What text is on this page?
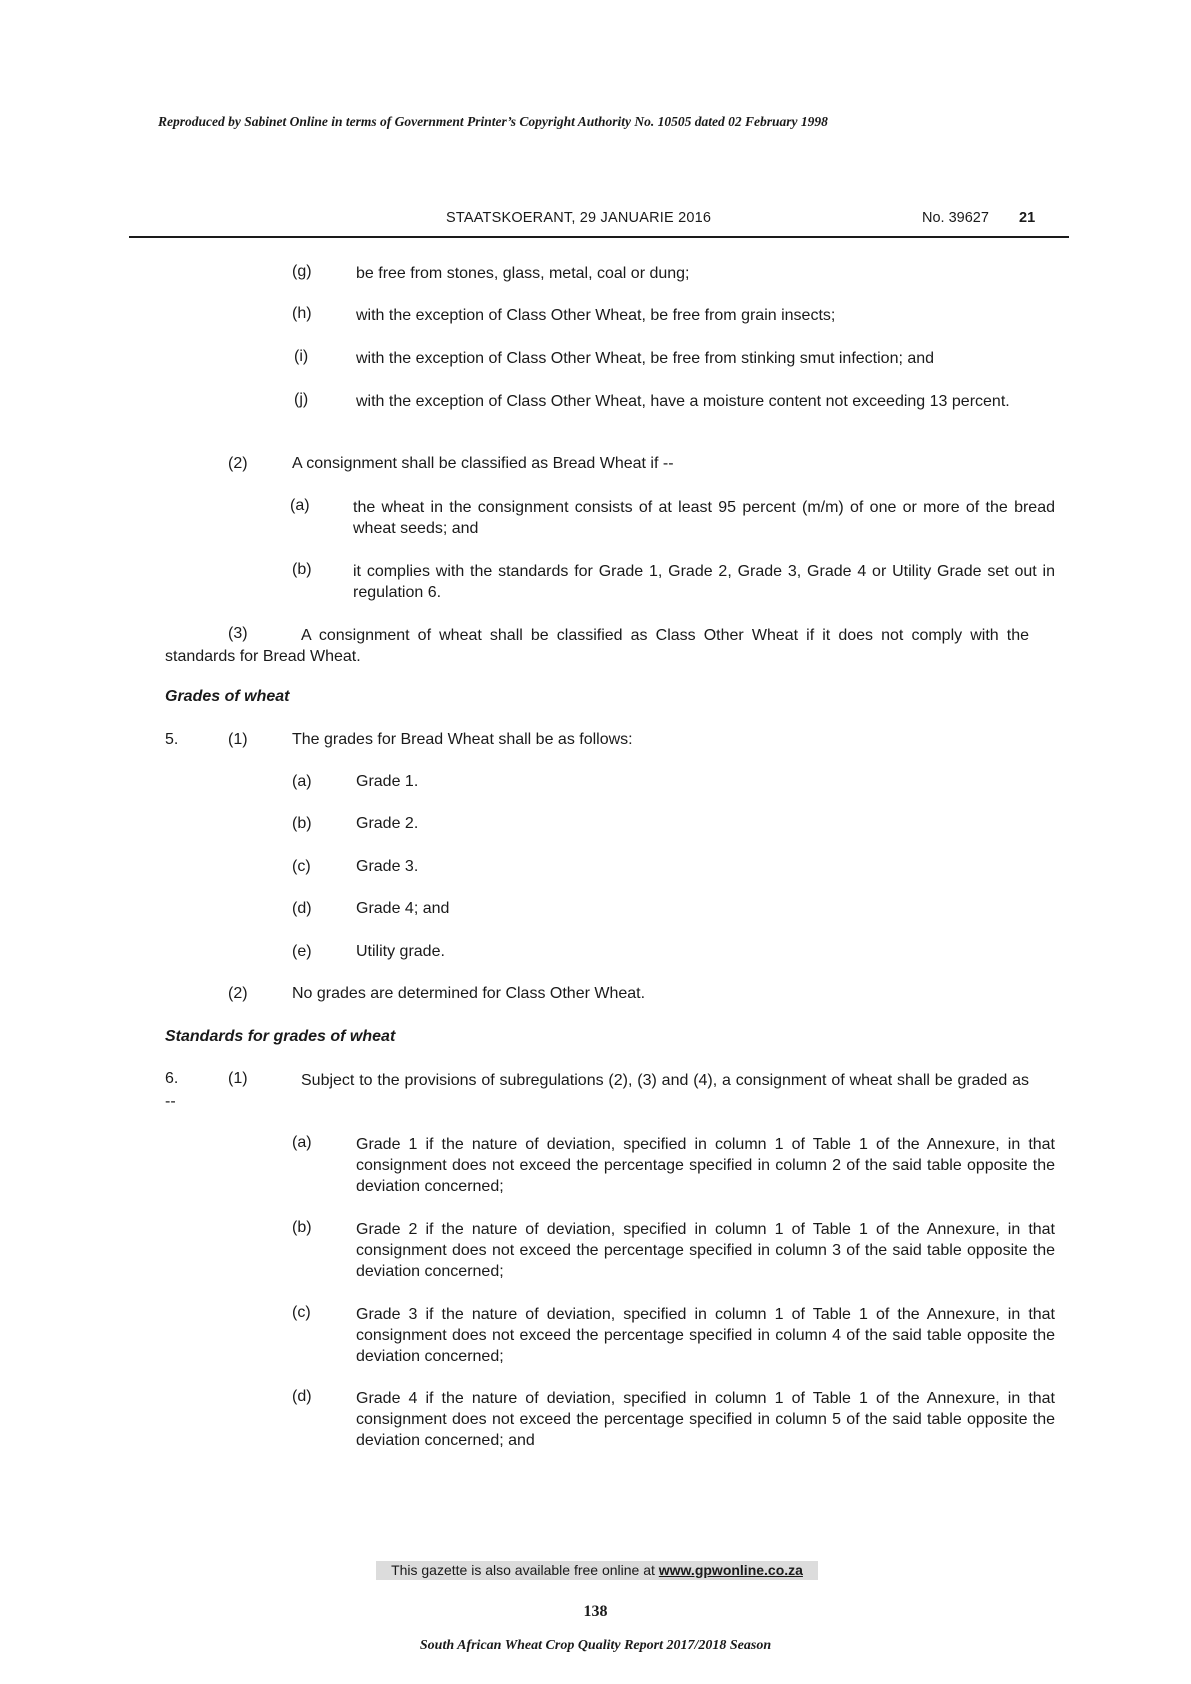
Reproduced by Sabinet Online in terms of Government Printer’s Copyright Authority No. 10505 dated 02 February 1998
STAATSKOERANT, 29 JANUARIE 2016	No. 39627 21
(g)	be free from stones, glass, metal, coal or dung;
(h)	with the exception of Class Other Wheat, be free from grain insects;
(i)	with the exception of Class Other Wheat, be free from stinking smut infection; and
(j)	with the exception of Class Other Wheat, have a moisture content not exceeding 13 percent.
(2)	A consignment shall be classified as Bread Wheat if --
(a)	the wheat in the consignment consists of at least 95 percent (m/m) of one or more of the bread wheat seeds; and
(b)	it complies with the standards for Grade 1, Grade 2, Grade 3, Grade 4 or Utility Grade set out in regulation 6.
(3)	A consignment of wheat shall be classified as Class Other Wheat if it does not comply with the standards for Bread Wheat.
Grades of wheat
5.	(1)	The grades for Bread Wheat shall be as follows:
(a)	Grade 1.
(b)	Grade 2.
(c)	Grade 3.
(d)	Grade 4; and
(e)	Utility grade.
(2)	No grades are determined for Class Other Wheat.
Standards for grades of wheat
6.	(1)	Subject to the provisions of subregulations (2), (3) and (4), a consignment of wheat shall be graded as --
(a)	Grade 1 if the nature of deviation, specified in column 1 of Table 1 of the Annexure, in that consignment does not exceed the percentage specified in column 2 of the said table opposite the deviation concerned;
(b)	Grade 2 if the nature of deviation, specified in column 1 of Table 1 of the Annexure, in that consignment does not exceed the percentage specified in column 3 of the said table opposite the deviation concerned;
(c)	Grade 3 if the nature of deviation, specified in column 1 of Table 1 of the Annexure, in that consignment does not exceed the percentage specified in column 4 of the said table opposite the deviation concerned;
(d)	Grade 4 if the nature of deviation, specified in column 1 of Table 1 of the Annexure, in that consignment does not exceed the percentage specified in column 5 of the said table opposite the deviation concerned; and
This gazette is also available free online at www.gpwonline.co.za
138
South African Wheat Crop Quality Report 2017/2018 Season
